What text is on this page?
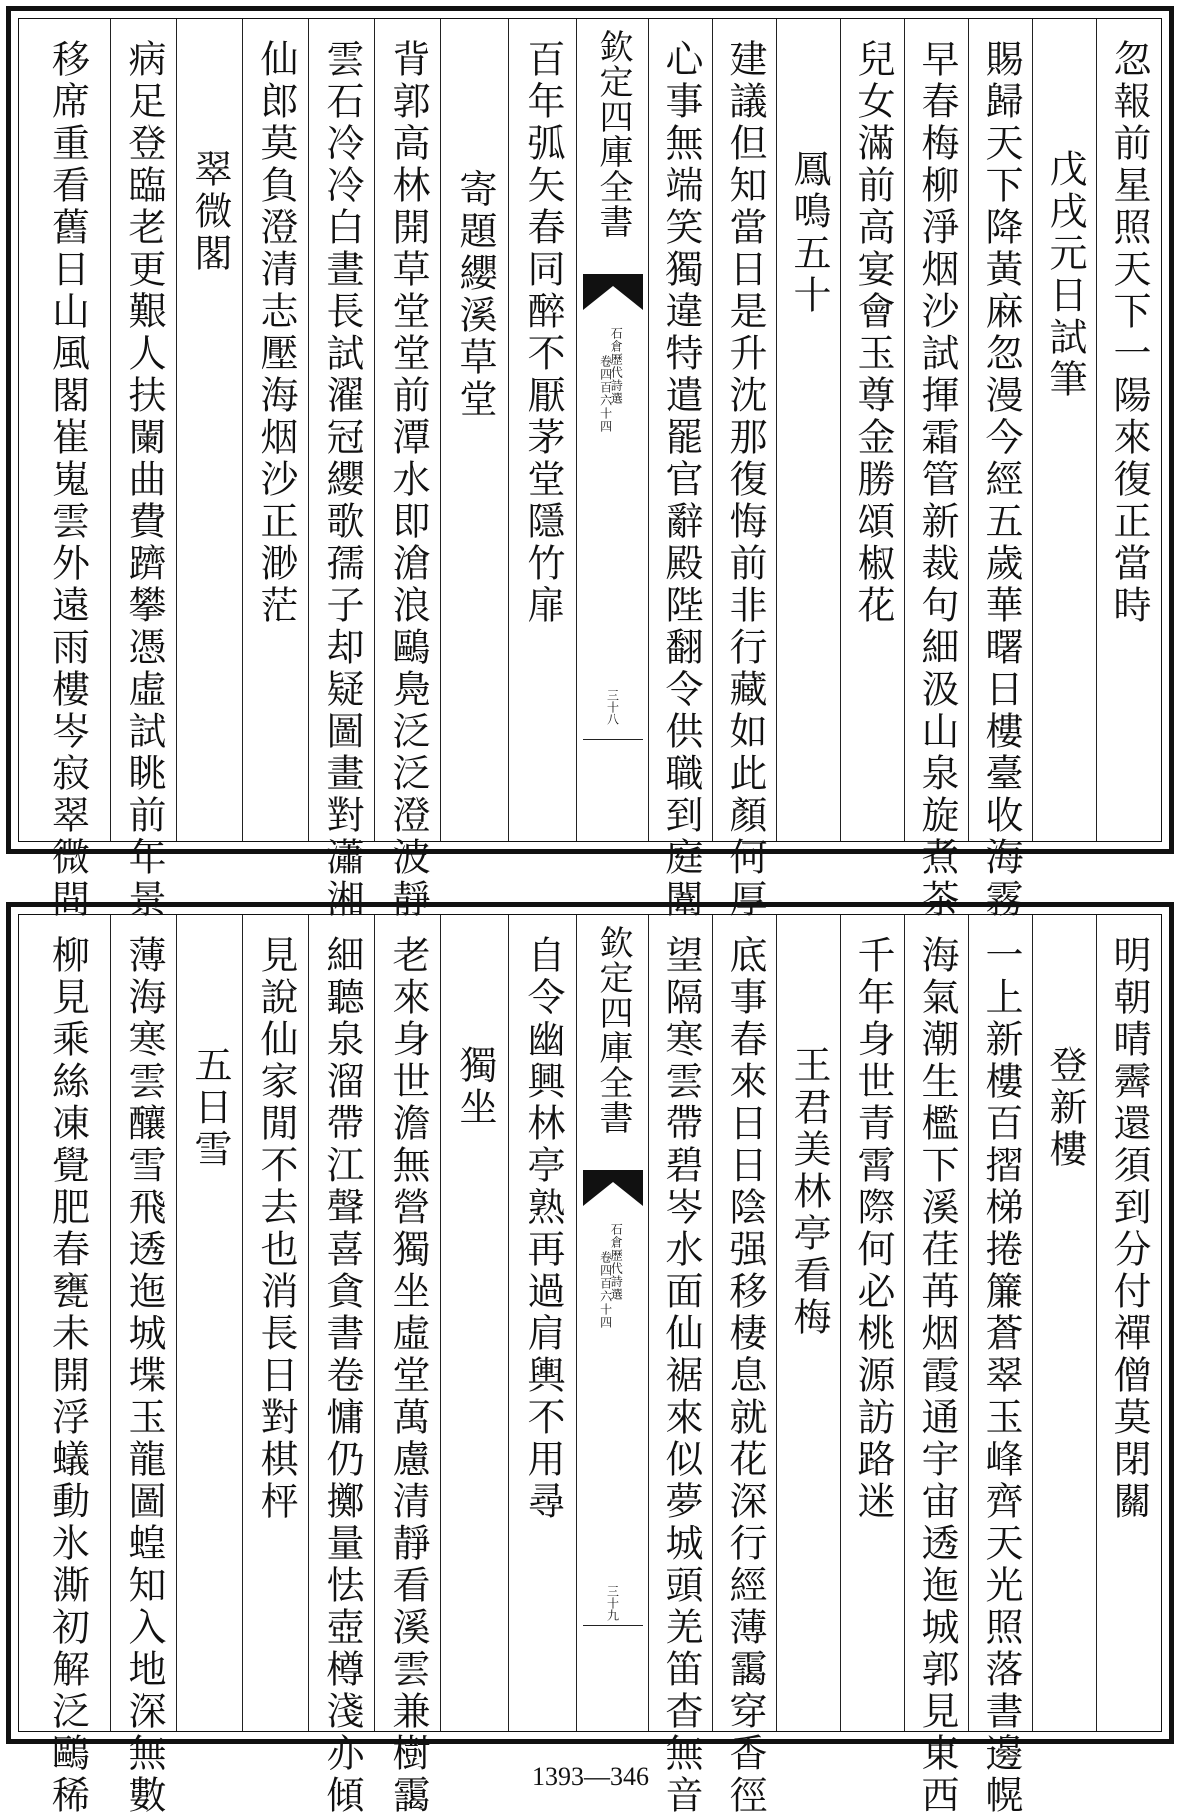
忽報前星照天下一陽來復正當時
戊戌元日試筆
賜歸天下降黃麻忽漫今經五歲華曙日樓臺收海霧
早春梅柳淨烟沙試揮霜管新裁句細汲山泉旋煮茶
兒女滿前高宴會玉尊金勝頌椒花
鳳鳴五十
建議但知當日是升沈那復悔前非行藏如此顏何厚
心事無端笑獨違特遣罷官辭殿陛翻令供職到庭闈
欽定四庫全書
石倉歷代詩選
卷四百六十四
三十八
百年弧矢春同醉不厭茅堂隱竹扉
寄題纓溪草堂
背郭高林開草堂堂前潭水即滄浪鷗鳧泛泛澄波靜
雲石冷冷白晝長試濯冠纓歌孺子却疑圖畫對瀟湘
仙郎莫負澄清志壓海烟沙正渺茫
翠微閣
病足登臨老更艱人扶闌曲費躋攀憑虛試眺前年景
移席重看舊日山風閣崔嵬雲外遠雨樓岑寂翠微間
明朝晴霽還須到分付禪僧莫閉關
登新樓
一上新樓百摺梯捲簾蒼翠玉峰齊天光照落書邊幌
海氣潮生檻下溪荏苒烟霞通宇宙透迤城郭見東西
千年身世青霄際何必桃源訪路迷
王君美林亭看梅
底事春來日日陰强移棲息就花深行經薄靄穿香徑
望隔寒雲帶碧岑水面仙裾來似夢城頭羌笛杳無音
欽定四庫全書
石倉歷代詩選
卷四百六十四
三十九
自令幽興林亭熟再過肩輿不用尋
獨坐
老來身世澹無營獨坐虛堂萬慮清靜看溪雲兼樹靄
細聽泉溜帶江聲喜貪書卷慵仍擲量怯壺樽淺亦傾
見說仙家閒不去也消長日對棋枰
五日雪
薄海寒雲釀雪飛透迤城堞玉龍圖蝗知入地深無數
柳見乘絲凍覺肥春甕未開浮蟻動氷澌初解泛鷗稀	1393—346
